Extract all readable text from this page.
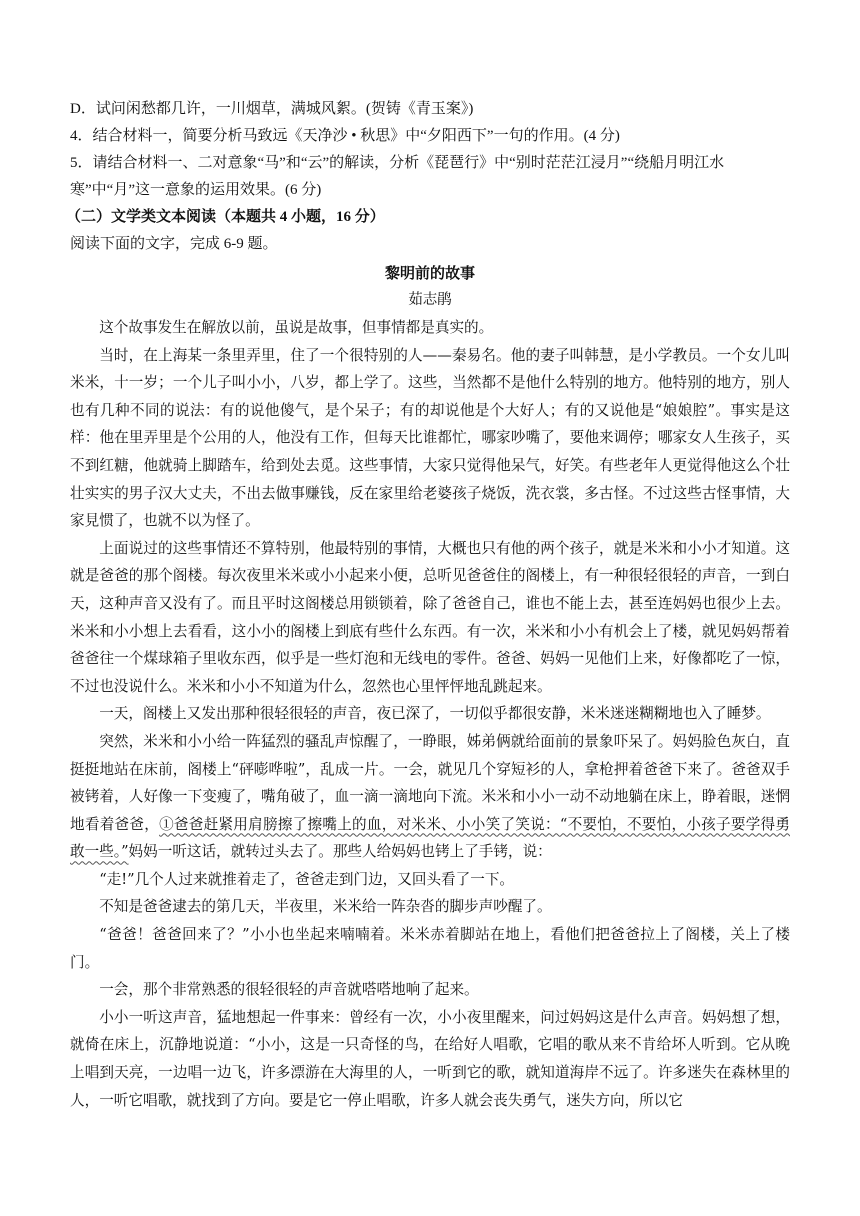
D．试问闲愁都几许，一川烟草，满城风絮。(贺铸《青玉案》)

4．结合材料一，简要分析马致远《天净沙 • 秋思》中“夕阳西下”一句的作用。(4 分)

5．请结合材料一、二对意象“马”和“云”的解读，分析《琵琶行》中“别时茫茫江浸月”“绕船月明江水寒”中“月”这一意象的运用效果。(6 分)

（二）文学类文本阅读（本题共 4 小题，16 分）

阅读下面的文字，完成 6-9 题。

黎明前的故事

茹志鹃

这个故事发生在解放以前，虽说是故事，但事情都是真实的。

当时，在上海某一条里弄里，住了一个很特别的人——秦易名。他的妻子叫韩慧，是小学教员。一个女儿叫米米，十一岁；一个儿子叫小小，八岁，都上学了。这些，当然都不是他什么特别的地方。他特别的地方，别人也有几种不同的说法：有的说他傻气，是个呆子；有的却说他是个大好人；有的又说他是“娘娘腔”。事实是这样：他在里弄里是个公用的人，他没有工作，但每天比谁都忙，哪家吵嘴了，要他来调停；哪家女人生孩子，买不到红糖，他就骑上脚踏车，给到处去觅。这些事情，大家只觉得他呆气，好笑。有些老年人更觉得他这么个壮壮实实的男子汉大丈夫，不出去做事赚钱，反在家里给老婆孩子烧饭，洗衣裳，多古怪。不过这些古怪事情，大家見惯了，也就不以为怪了。

上面说过的这些事情还不算特别，他最特别的事情，大概也只有他的两个孩子，就是米米和小小才知道。这就是爸爸的那个阁楼。每次夜里米米或小小起来小便，总听见爸爸住的阁楼上，有一种很轻很轻的声音，一到白天，这种声音又没有了。而且平时这阁楼总用锁锁着，除了爸爸自己，谁也不能上去，甚至连妈妈也很少上去。米米和小小想上去看看，这小小的阁楼上到底有些什么东西。有一次，米米和小小有机会上了楼，就见妈妈帮着爸爸往一个煤球箱子里收东西，似乎是一些灯泡和无线电的零件。爸爸、妈妈一见他们上来，好像都吃了一惊，不过也没说什么。米米和小小不知道为什么，忽然也心里怦怦地乱跳起来。

一天，阁楼上又发出那种很轻很轻的声音，夜已深了，一切似乎都很安静，米米迷迷糊糊地也入了睡梦。

突然，米米和小小给一阵猛烈的骚乱声惊醒了，一睁眼，姊弟俩就给面前的景象吓呆了。妈妈脸色灰白，直挺挺地站在床前，阁楼上“砰嘭哗啦”，乱成一片。一会，就见几个穿短衫的人，拿枪押着爸爸下来了。爸爸双手被铐着，人好像一下变瘦了，嘴角破了，血一滴一滴地向下流。米米和小小一动不动地躺在床上，睁着眼，迷惘地看着爸爸，①爸爸赶紧用肩膀擦了擦嘴上的血，对米米、小小笑了笑说：“不要怕，不要怕，小孩子要学得勇敢一些。”妈妈一听这话，就转过头去了。那些人给妈妈也铐上了手铐，说：

“走!”几个人过来就推着走了，爸爸走到门边，又回头看了一下。

不知是爸爸逮去的第几天，半夜里，米米给一阵杂沓的脚步声吵醒了。

“爸爸！爸爸回来了？”小小也坐起来喃喃着。米米赤着脚站在地上，看他们把爸爸拉上了阁楼，关上了楼门。

一会，那个非常熟悉的很轻很轻的声音就嗒嗒地响了起来。

小小一听这声音，猛地想起一件事来：曾经有一次，小小夜里醒来，问过妈妈这是什么声音。妈妈想了想，就倚在床上，沉静地说道：“小小，这是一只奇怪的鸟，在给好人唱歌，它唱的歌从来不肯给坏人听到。它从晚上唱到天亮，一边唱一边飞，许多漂游在大海里的人，一听到它的歌，就知道海岸不远了。许多迷失在森林里的人，一听它唱歌，就找到了方向。要是它一停止唱歌，许多人就会丧失勇气，迷失方向，所以它
